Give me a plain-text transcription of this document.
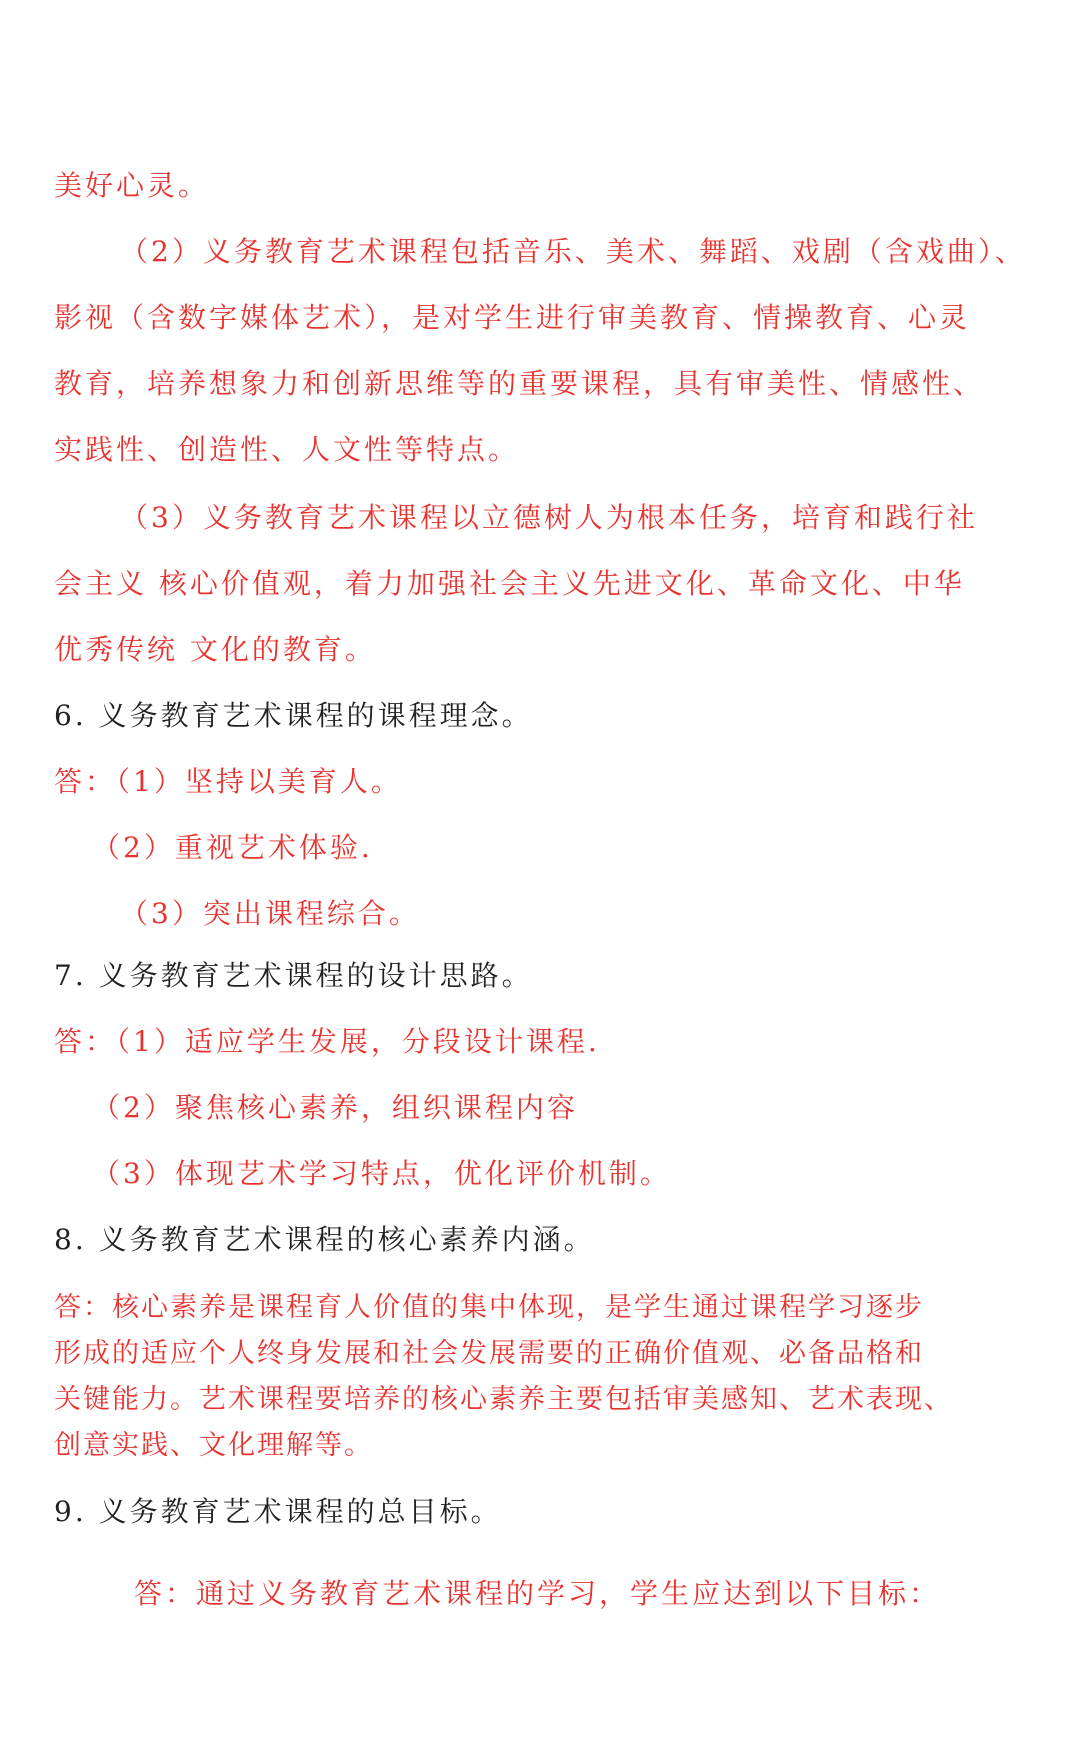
美好心灵。
（2）义务教育艺术课程包括音乐、美术、舞蹈、戏剧（含戏曲）、
影视（含数字媒体艺术），是对学生进行审美教育、情操教育、心灵
教育，培养想象力和创新思维等的重要课程，具有审美性、情感性、
实践性、创造性、人文性等特点。
（3）义务教育艺术课程以立德树人为根本任务，培育和践行社
会主义 核心价值观，着力加强社会主义先进文化、革命文化、中华
优秀传统 文化的教育。
6. 义务教育艺术课程的课程理念。
答：（1）坚持以美育人。
（2）重视艺术体验.
（3）突出课程综合。
7. 义务教育艺术课程的设计思路。
答：（1）适应学生发展，分段设计课程.
（2）聚焦核心素养，组织课程内容
（3）体现艺术学习特点，优化评价机制。
8. 义务教育艺术课程的核心素养内涵。
答：核心素养是课程育人价值的集中体现，是学生通过课程学习逐步
形成的适应个人终身发展和社会发展需要的正确价值观、必备品格和
关键能力。艺术课程要培养的核心素养主要包括审美感知、艺术表现、
创意实践、文化理解等。
9. 义务教育艺术课程的总目标。
答：通过义务教育艺术课程的学习，学生应达到以下目标：
